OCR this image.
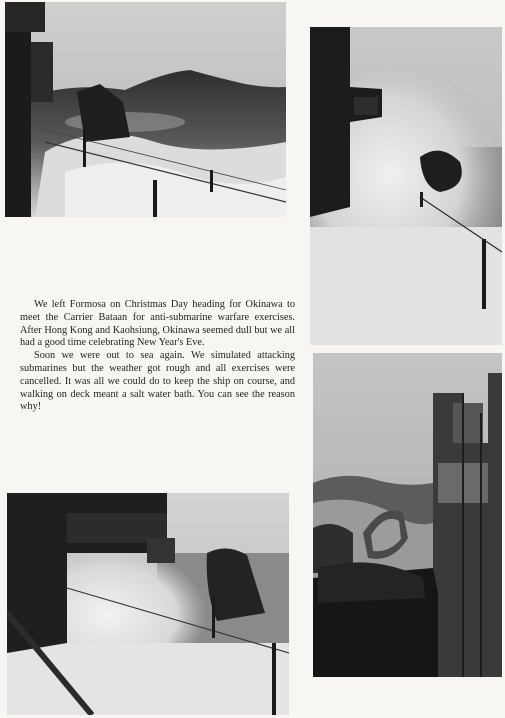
We left Formosa on Christmas Day heading for Okinawa to meet the Carrier Bataan for anti-submarine warfare exercises. After Hong Kong and Kaohsiung, Okinawa seemed dull but we all had a good time celebrating New Year's Eve.

Soon we were out to sea again. We simulated attacking submarines but the weather got rough and all exercises were cancelled. It was all we could do to keep the ship on course, and walking on deck meant a salt water bath. You can see the reason why!
